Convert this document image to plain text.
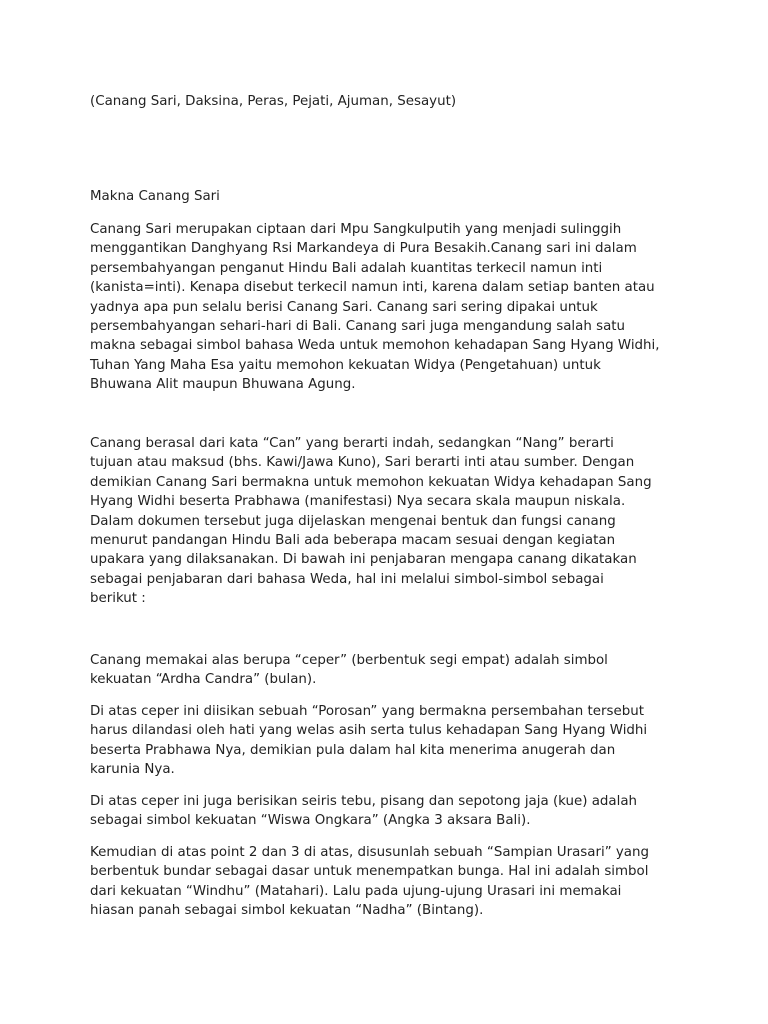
(Canang Sari, Daksina, Peras, Pejati, Ajuman, Sesayut)
Makna Canang Sari
Canang Sari merupakan ciptaan dari Mpu Sangkulputih yang menjadi sulinggih
menggantikan Danghyang Rsi Markandeya di Pura Besakih.Canang sari ini dalam
persembahyangan penganut Hindu Bali adalah kuantitas terkecil namun inti
(kanista=inti). Kenapa disebut terkecil namun inti, karena dalam setiap banten atau
yadnya apa pun selalu berisi Canang Sari. Canang sari sering dipakai untuk
persembahyangan sehari-hari di Bali. Canang sari juga mengandung salah satu
makna sebagai simbol bahasa Weda untuk memohon kehadapan Sang Hyang Widhi,
Tuhan Yang Maha Esa yaitu memohon kekuatan Widya (Pengetahuan) untuk
Bhuwana Alit maupun Bhuwana Agung.
Canang berasal dari kata “Can” yang berarti indah, sedangkan “Nang” berarti
tujuan atau maksud (bhs. Kawi/Jawa Kuno), Sari berarti inti atau sumber. Dengan
demikian Canang Sari bermakna untuk memohon kekuatan Widya kehadapan Sang
Hyang Widhi beserta Prabhawa (manifestasi) Nya secara skala maupun niskala.
Dalam dokumen tersebut juga dijelaskan mengenai bentuk dan fungsi canang
menurut pandangan Hindu Bali ada beberapa macam sesuai dengan kegiatan
upakara yang dilaksanakan. Di bawah ini penjabaran mengapa canang dikatakan
sebagai penjabaran dari bahasa Weda, hal ini melalui simbol-simbol sebagai
berikut :
Canang memakai alas berupa “ceper” (berbentuk segi empat) adalah simbol
kekuatan “Ardha Candra” (bulan).
Di atas ceper ini diisikan sebuah “Porosan” yang bermakna persembahan tersebut
harus dilandasi oleh hati yang welas asih serta tulus kehadapan Sang Hyang Widhi
beserta Prabhawa Nya, demikian pula dalam hal kita menerima anugerah dan
karunia Nya.
Di atas ceper ini juga berisikan seiris tebu, pisang dan sepotong jaja (kue) adalah
sebagai simbol kekuatan “Wiswa Ongkara” (Angka 3 aksara Bali).
Kemudian di atas point 2 dan 3 di atas, disusunlah sebuah “Sampian Urasari” yang
berbentuk bundar sebagai dasar untuk menempatkan bunga. Hal ini adalah simbol
dari kekuatan “Windhu” (Matahari). Lalu pada ujung-ujung Urasari ini memakai
hiasan panah sebagai simbol kekuatan “Nadha” (Bintang).
